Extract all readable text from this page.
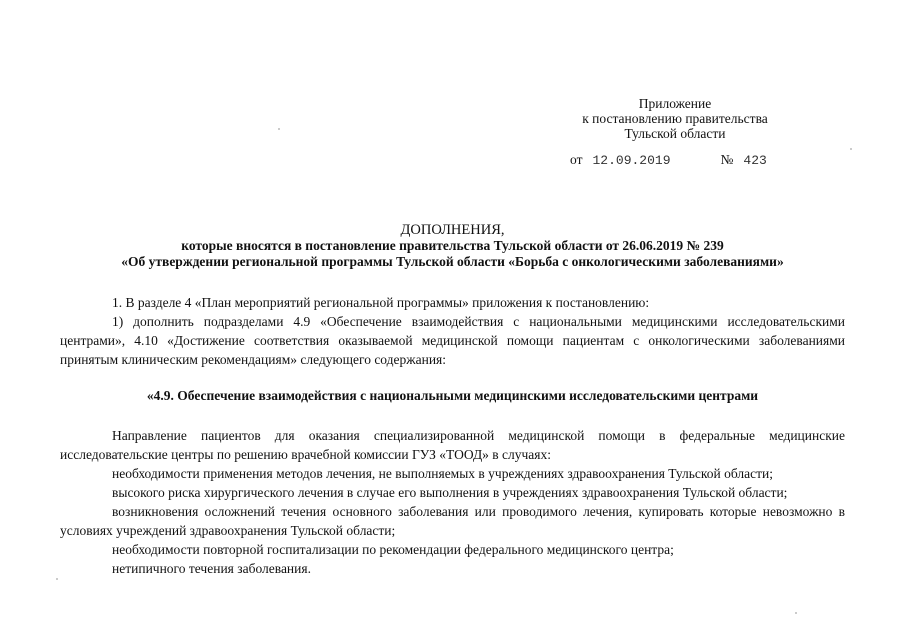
Приложение
к постановлению правительства
Тульской области
от 12.09.2019	№ 423
ДОПОЛНЕНИЯ,
которые вносятся в постановление правительства Тульской области от 26.06.2019 № 239
«Об утверждении региональной программы Тульской области «Борьба с онкологическими заболеваниями»

1. В разделе 4 «План мероприятий региональной программы» приложения к постановлению:

1) дополнить подразделами 4.9 «Обеспечение взаимодействия с национальными медицинскими исследовательскими центрами», 4.10 «Достижение соответствия оказываемой медицинской помощи пациентам с онкологическими заболеваниями принятым клиническим рекомендациям» следующего содержания:

«4.9. Обеспечение взаимодействия с национальными медицинскими исследовательскими центрами

Направление пациентов для оказания специализированной медицинской помощи в федеральные медицинские исследовательские центры по решению врачебной комиссии ГУЗ «ТООД» в случаях:

необходимости применения методов лечения, не выполняемых в учреждениях здравоохранения Тульской области;

высокого риска хирургического лечения в случае его выполнения в учреждениях здравоохранения Тульской области;

возникновения осложнений течения основного заболевания или проводимого лечения, купировать которые невозможно в условиях учреждений здравоохранения Тульской области;

необходимости повторной госпитализации по рекомендации федерального медицинского центра;

нетипичного течения заболевания.
